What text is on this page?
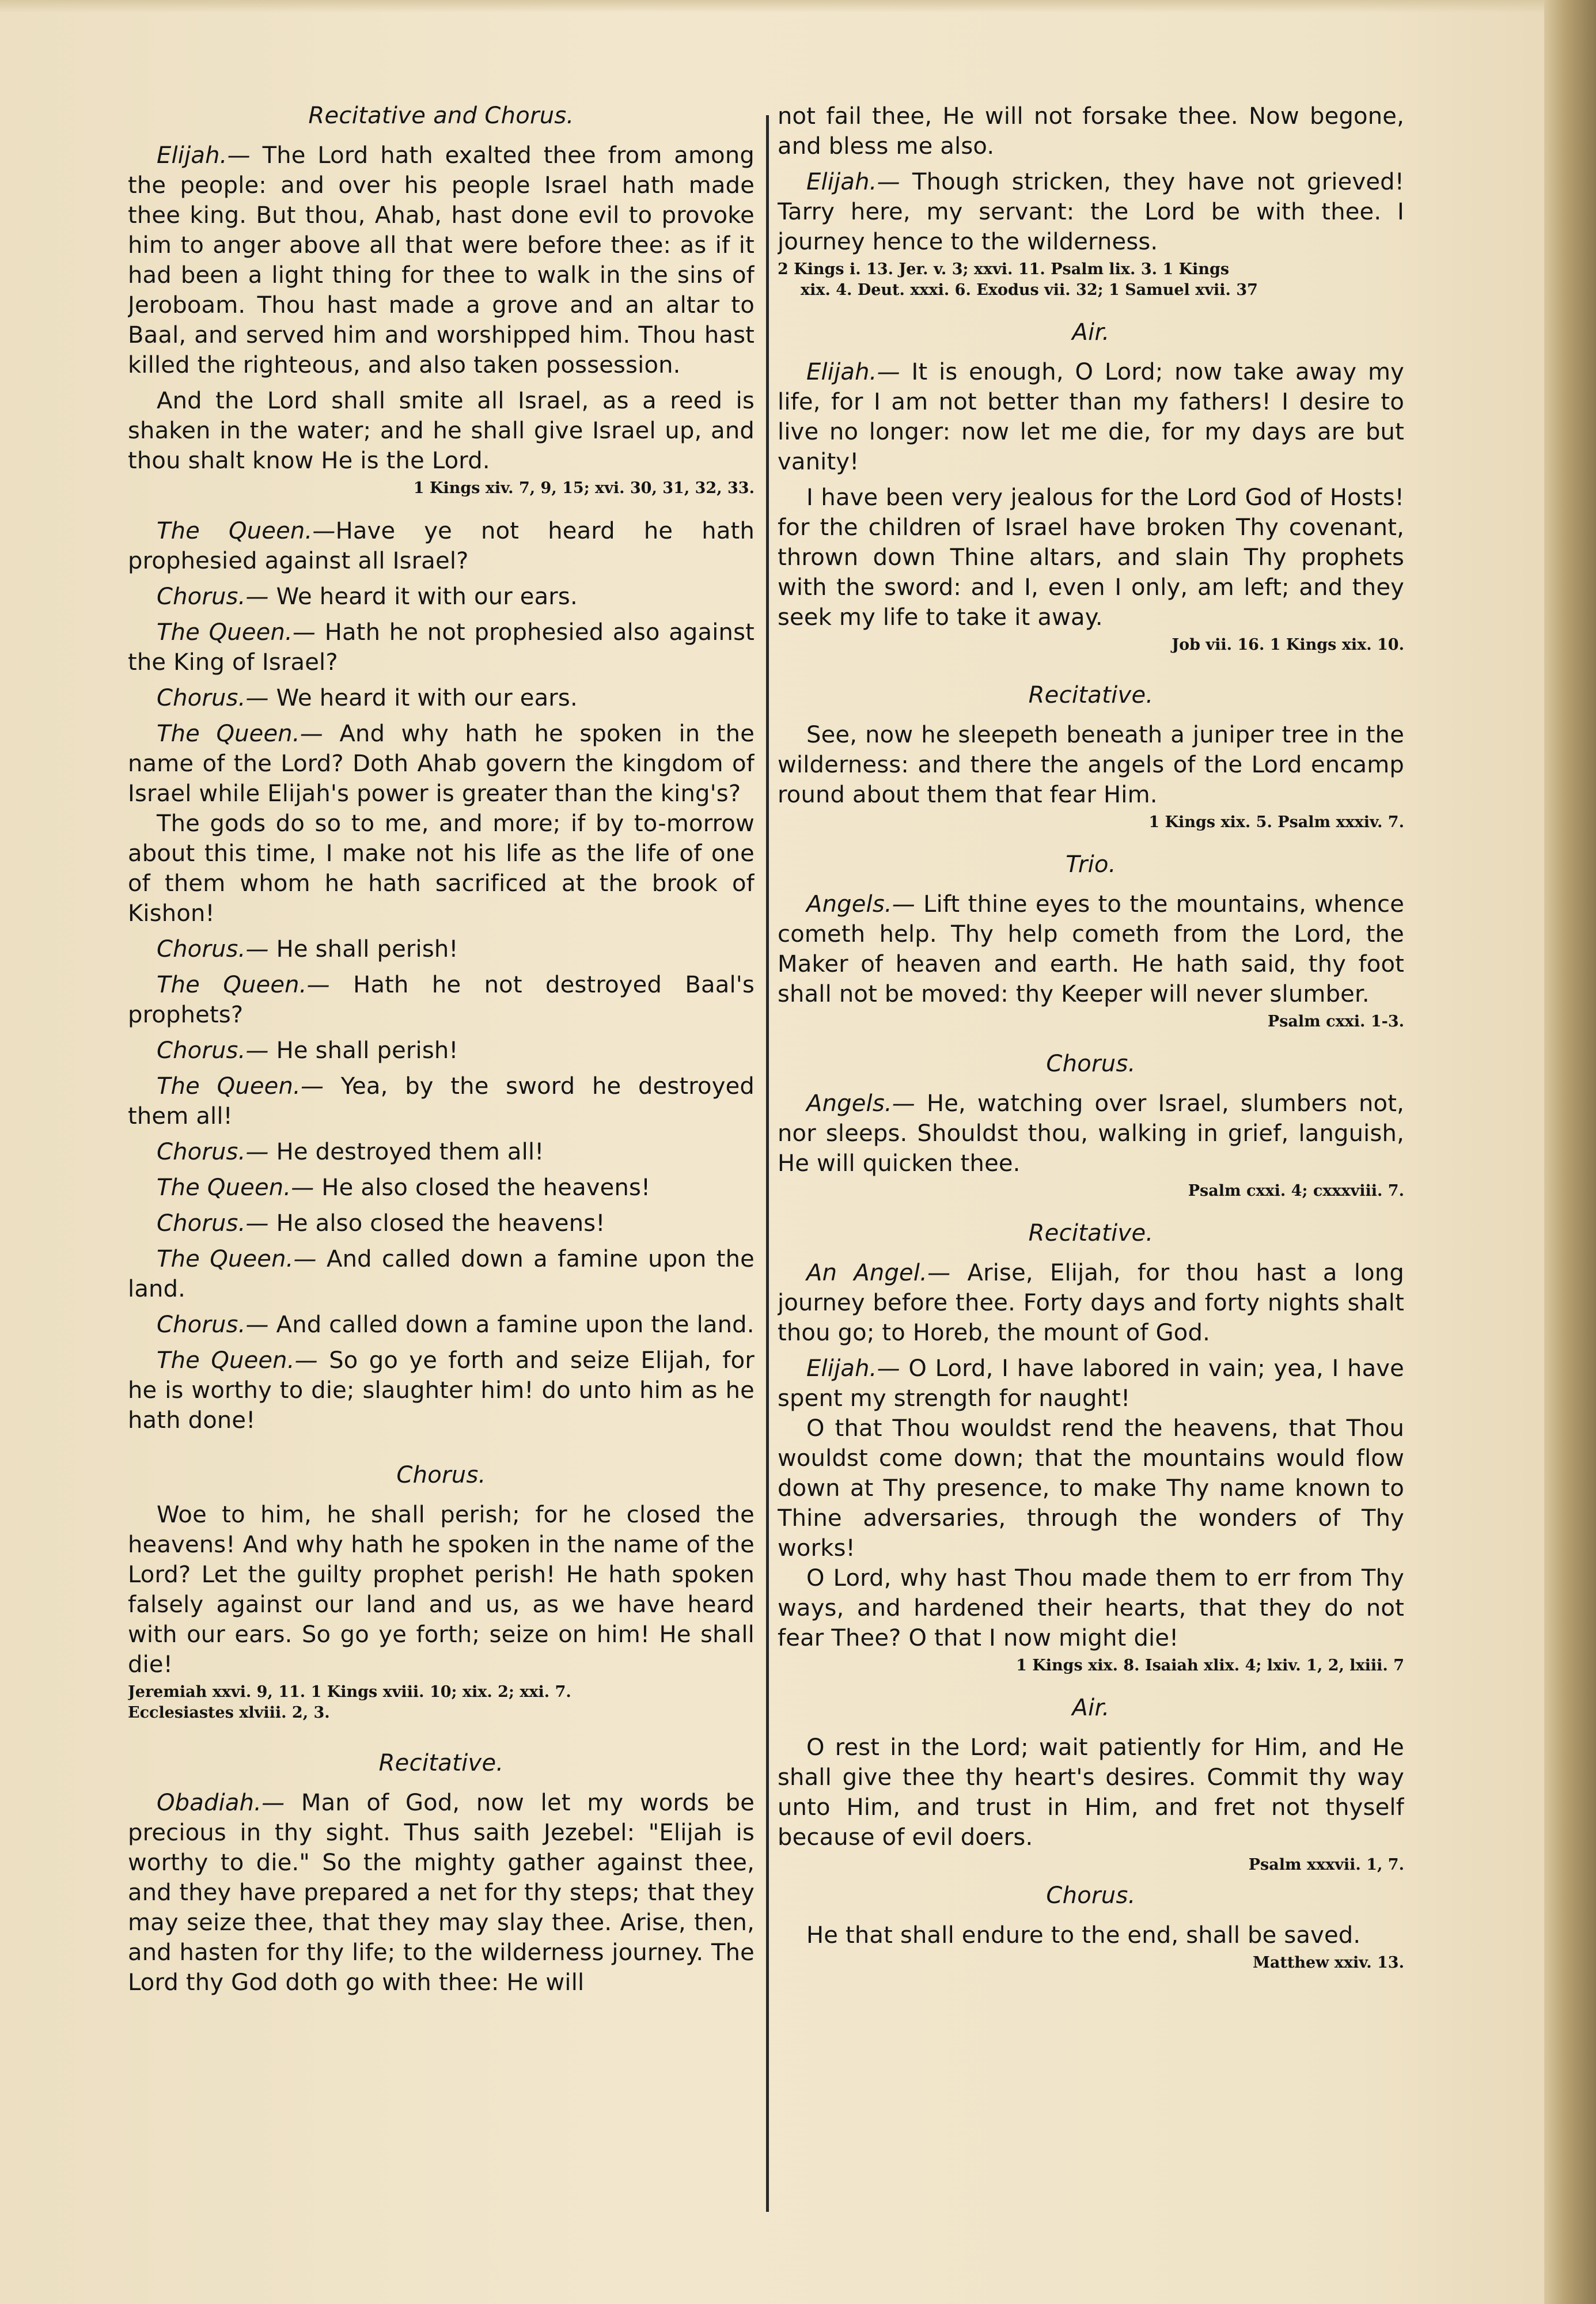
Recitative and Chorus.

Elijah.— The Lord hath exalted thee from among the people: and over his people Israel hath made thee king. But thou, Ahab, hast done evil to provoke him to anger above all that were before thee: as if it had been a light thing for thee to walk in the sins of Jeroboam. Thou hast made a grove and an altar to Baal, and served him and worshipped him. Thou hast killed the righteous, and also taken possession.

And the Lord shall smite all Israel, as a reed is shaken in the water; and he shall give Israel up, and thou shalt know He is the Lord.

1 Kings xiv. 7, 9, 15; xvi. 30, 31, 32, 33.

The Queen.—Have ye not heard he hath prophesied against all Israel?

Chorus.— We heard it with our ears.

The Queen.— Hath he not prophesied also against the King of Israel?

Chorus.— We heard it with our ears.

The Queen.— And why hath he spoken in the name of the Lord? Doth Ahab govern the kingdom of Israel while Elijah's power is greater than the king's?

The gods do so to me, and more; if by to-morrow about this time, I make not his life as the life of one of them whom he hath sacrificed at the brook of Kishon!

Chorus.— He shall perish!

The Queen.— Hath he not destroyed Baal's prophets?

Chorus.— He shall perish!

The Queen.— Yea, by the sword he destroyed them all!

Chorus.— He destroyed them all!

The Queen.— He also closed the heavens!

Chorus.— He also closed the heavens!

The Queen.— And called down a famine upon the land.

Chorus.— And called down a famine upon the land.

The Queen.— So go ye forth and seize Elijah, for he is worthy to die; slaughter him! do unto him as he hath done!

Chorus.

Woe to him, he shall perish; for he closed the heavens! And why hath he spoken in the name of the Lord? Let the guilty prophet perish! He hath spoken falsely against our land and us, as we have heard with our ears. So go ye forth; seize on him! He shall die!

Jeremiah xxvi. 9, 11. 1 Kings xviii. 10; xix. 2; xxi. 7.
Ecclesiastes xlviii. 2, 3.
Recitative.

Obadiah.— Man of God, now let my words be precious in thy sight. Thus saith Jezebel: "Elijah is worthy to die." So the mighty gather against thee, and they have prepared a net for thy steps; that they may seize thee, that they may slay thee. Arise, then, and hasten for thy life; to the wilderness journey. The Lord thy God doth go with thee: He will

not fail thee, He will not forsake thee. Now begone, and bless me also.

Elijah.— Though stricken, they have not grieved! Tarry here, my servant: the Lord be with thee. I journey hence to the wilderness.

2 Kings i. 13. Jer. v. 3; xxvi. 11. Psalm lix. 3. 1 Kings
xix. 4. Deut. xxxi. 6. Exodus vii. 32; 1 Samuel xvii. 37
Air.

Elijah.— It is enough, O Lord; now take away my life, for I am not better than my fathers! I desire to live no longer: now let me die, for my days are but vanity!

I have been very jealous for the Lord God of Hosts! for the children of Israel have broken Thy covenant, thrown down Thine altars, and slain Thy prophets with the sword: and I, even I only, am left; and they seek my life to take it away.

Job vii. 16. 1 Kings xix. 10.
Recitative.

See, now he sleepeth beneath a juniper tree in the wilderness: and there the angels of the Lord encamp round about them that fear Him.

1 Kings xix. 5. Psalm xxxiv. 7.
Trio.

Angels.— Lift thine eyes to the mountains, whence cometh help. Thy help cometh from the Lord, the Maker of heaven and earth. He hath said, thy foot shall not be moved: thy Keeper will never slumber.

Psalm cxxi. 1-3.
Chorus.

Angels.— He, watching over Israel, slumbers not, nor sleeps. Shouldst thou, walking in grief, languish, He will quicken thee.

Psalm cxxi. 4; cxxxviii. 7.
Recitative.

An Angel.— Arise, Elijah, for thou hast a long journey before thee. Forty days and forty nights shalt thou go; to Horeb, the mount of God.

Elijah.— O Lord, I have labored in vain; yea, I have spent my strength for naught!

O that Thou wouldst rend the heavens, that Thou wouldst come down; that the mountains would flow down at Thy presence, to make Thy name known to Thine adversaries, through the wonders of Thy works!

O Lord, why hast Thou made them to err from Thy ways, and hardened their hearts, that they do not fear Thee? O that I now might die!

1 Kings xix. 8. Isaiah xlix. 4; lxiv. 1, 2, lxiii. 7
Air.

O rest in the Lord; wait patiently for Him, and He shall give thee thy heart's desires. Commit thy way unto Him, and trust in Him, and fret not thyself because of evil doers.

Psalm xxxvii. 1, 7.
Chorus.

He that shall endure to the end, shall be saved.

Matthew xxiv. 13.
